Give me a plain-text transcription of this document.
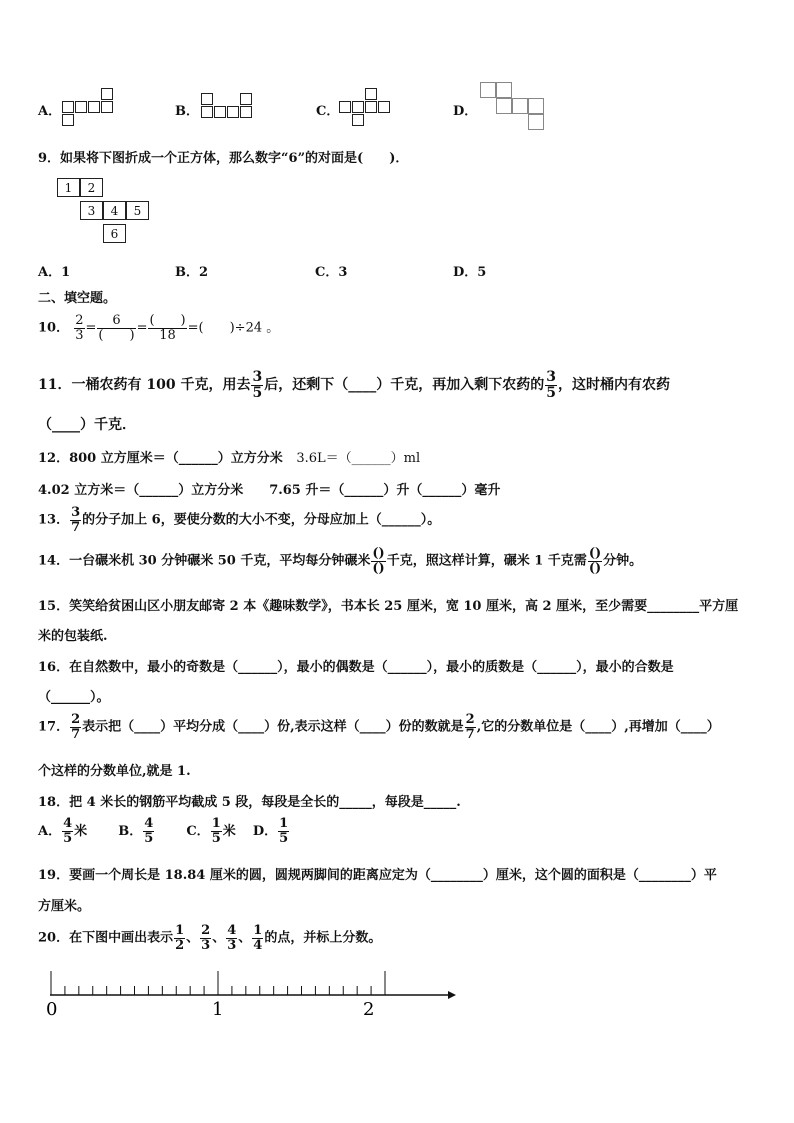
A．	B．	C．	D．
9．如果将下图折成一个正方体，那么数字“6”的对面是(　　)．
1	2
3	4	5
6
A．1	B．2	C．3	D．5
二、填空题。
10． $\frac{2}{3} = \frac{6}{( )} = \frac{( )}{18}$ =(　　)÷24 。
11．一桶农药有 100 千克，用去 $\frac{3}{5}$ 后，还剩下（____）千克，再加入剩下农药的 $\frac{3}{5}$ ，这时桶内有农药
（____）千克．
12．800 立方厘米＝（______）立方分米 3.6L＝（______）ml
4.02 立方米＝（______）立方分米　　7.65 升＝（______）升（______）毫升
13． $\frac{3}{7}$ 的分子加上 6，要使分数的大小不变，分母应加上（______）。
14．一台碾米机 30 分钟碾米 50 千克，平均每分钟碾米 $\frac{()}{()}$ 千克，照这样计算，碾米 1 千克需 $\frac{()}{()}$ 分钟。
15．笑笑给贫困山区小朋友邮寄 2 本《趣味数学》，书本长 25 厘米，宽 10 厘米，高 2 厘米，至少需要________平方厘
米的包装纸.
16．在自然数中，最小的奇数是（______），最小的偶数是（______），最小的质数是（______），最小的合数是
（______）。
17． $\frac{2}{7}$ 表示把（____）平均分成（____）份,表示这样（____）份的数就是 $\frac{2}{7}$ ,它的分数单位是（____）,再增加（____）
个这样的分数单位,就是 1.
18．把 4 米长的钢筋平均截成 5 段，每段是全长的_____，每段是_____.
A． $\frac{4}{5}$ 米 B． $\frac{4}{5}$ C． $\frac{1}{5}$ 米 D． $\frac{1}{5}$
19．要画一个周长是 18.84 厘米的圆，圆规两脚间的距离应定为（________）厘米，这个圆的面积是（________）平
方厘米。
20．在下图中画出表示 $\frac{1}{2}$ 、 $\frac{2}{3}$ 、 $\frac{4}{3}$ 、 $\frac{1}{4}$ 的点，并标上分数。
0	1	2
